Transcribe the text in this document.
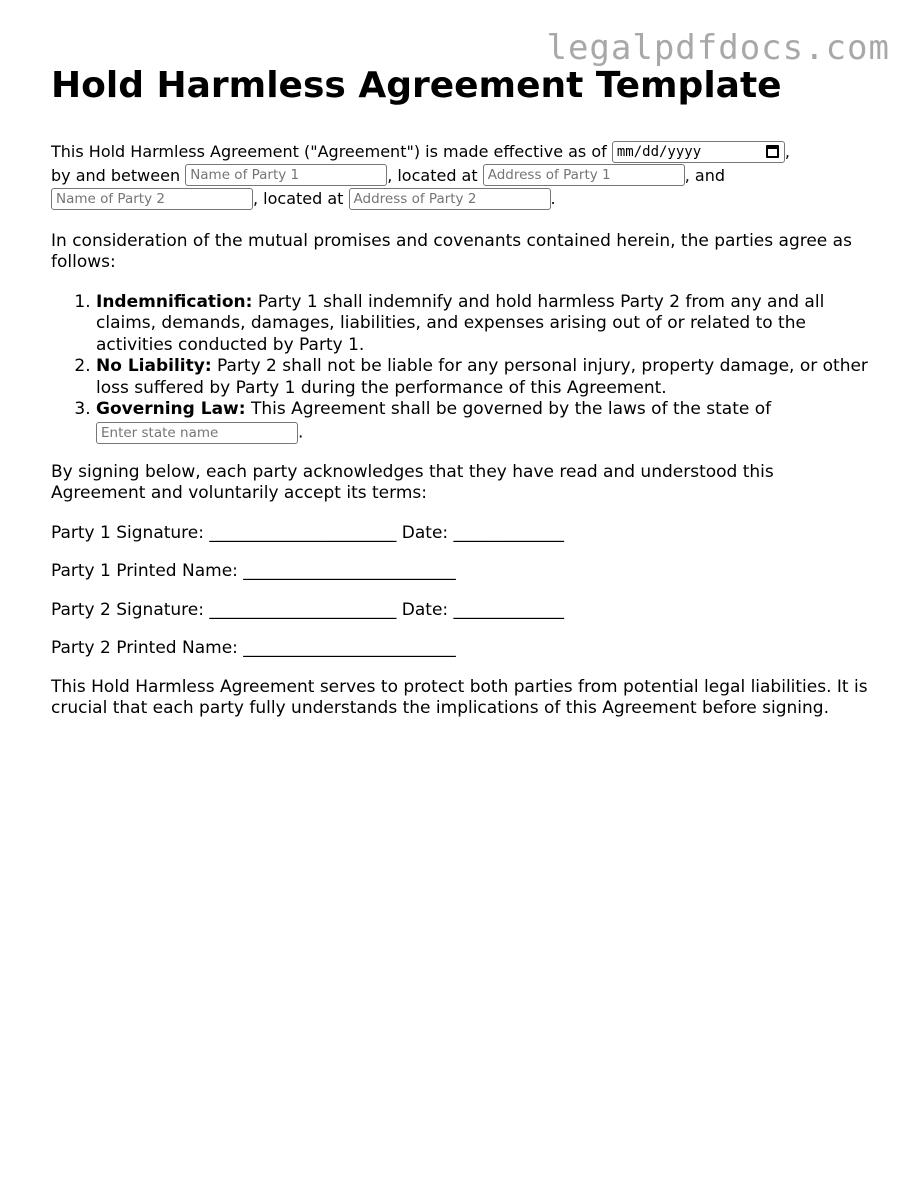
legalpdfdocs.com
Hold Harmless Agreement Template
This Hold Harmless Agreement ("Agreement") is made effective as of
mm/dd/yyyy	,
by and between
Name of Party 1	, located at
Address of Party 1	, and
Name of Party 2	, located at
Address of Party 2	.

In consideration of the mutual promises and covenants contained herein, the parties agree as follows:

1. Indemnification: Party 1 shall indemnify and hold harmless Party 2 from any and all claims, demands, damages, liabilities, and expenses arising out of or related to the activities conducted by Party 1.
2. No Liability: Party 2 shall not be liable for any personal injury, property damage, or other loss suffered by Party 1 during the performance of this Agreement.
3. Governing Law: This Agreement shall be governed by the laws of the state of
Enter state name	.

By signing below, each party acknowledges that they have read and understood this Agreement and voluntarily accept its terms:

Party 1 Signature: ______________________ Date: _____________

Party 1 Printed Name: _________________________

Party 2 Signature: ______________________ Date: _____________

Party 2 Printed Name: _________________________

This Hold Harmless Agreement serves to protect both parties from potential legal liabilities. It is crucial that each party fully understands the implications of this Agreement before signing.
